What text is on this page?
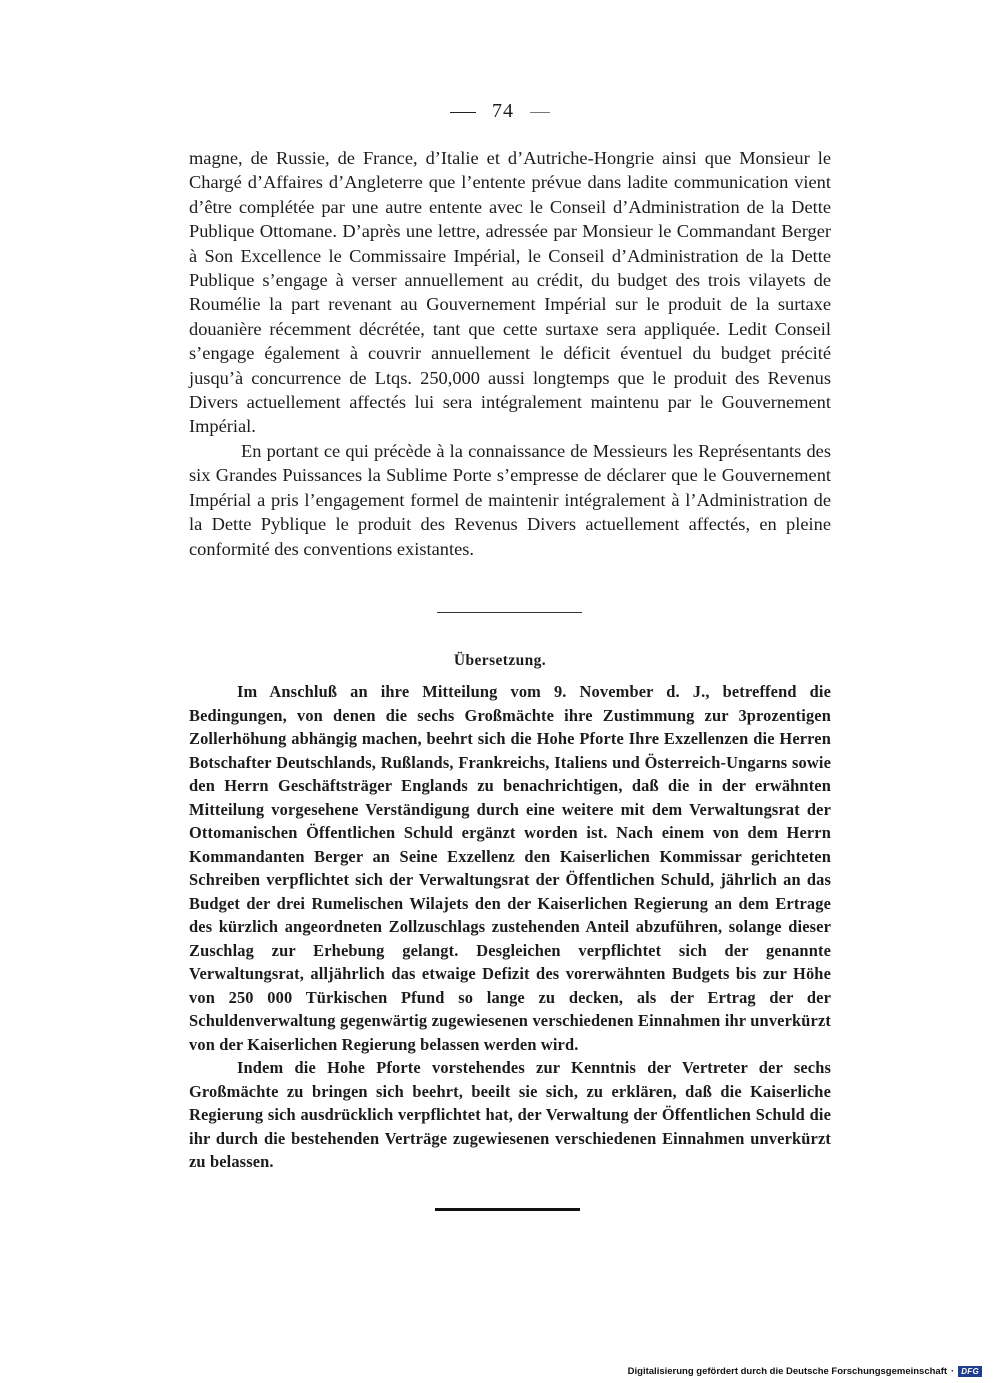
74

magne, de Russie, de France, d’Italie et d’Autriche-Hongrie ainsi que Monsieur le Chargé d’Affaires d’Angleterre que l’entente prévue dans ladite communication vient d’être complétée par une autre entente avec le Conseil d’Administration de la Dette Publique Ottomane. D’après une lettre, adressée par Monsieur le Commandant Berger à Son Excellence le Commissaire Impérial, le Conseil d’Administration de la Dette Publique s’engage à verser annuellement au crédit, du budget des trois vilayets de Roumélie la part revenant au Gouvernement Impérial sur le produit de la surtaxe douanière récemment décrétée, tant que cette surtaxe sera appliquée. Ledit Conseil s’engage également à couvrir annuellement le déficit éventuel du budget précité jusqu’à concurrence de Ltqs. 250,000 aussi longtemps que le produit des Revenus Divers actuellement affectés lui sera intégralement maintenu par le Gouvernement Impérial.

En portant ce qui précède à la connaissance de Messieurs les Représentants des six Grandes Puissances la Sublime Porte s’empresse de déclarer que le Gouvernement Impérial a pris l’engagement formel de maintenir intégralement à l’Administration de la Dette Pyblique le produit des Revenus Divers actuellement affectés, en pleine conformité des conventions existantes.

Übersetzung.

Im Anschluß an ihre Mitteilung vom 9. November d. J., betreffend die Bedingungen, von denen die sechs Großmächte ihre Zustimmung zur 3prozentigen Zollerhöhung abhängig machen, beehrt sich die Hohe Pforte Ihre Exzellenzen die Herren Botschafter Deutschlands, Rußlands, Frankreichs, Italiens und Österreich-Ungarns sowie den Herrn Geschäftsträger Englands zu benachrichtigen, daß die in der erwähnten Mitteilung vorgesehene Verständigung durch eine weitere mit dem Verwaltungsrat der Ottomanischen Öffentlichen Schuld ergänzt worden ist. Nach einem von dem Herrn Kommandanten Berger an Seine Exzellenz den Kaiserlichen Kommissar gerichteten Schreiben verpflichtet sich der Verwaltungsrat der Öffentlichen Schuld, jährlich an das Budget der drei Rumelischen Wilajets den der Kaiserlichen Regierung an dem Ertrage des kürzlich angeordneten Zollzuschlags zustehenden Anteil abzuführen, solange dieser Zuschlag zur Erhebung gelangt. Desgleichen verpflichtet sich der genannte Verwaltungsrat, alljährlich das etwaige Defizit des vorerwähnten Budgets bis zur Höhe von 250 000 Türkischen Pfund so lange zu decken, als der Ertrag der der Schuldenverwaltung gegenwärtig zugewiesenen verschiedenen Einnahmen ihr unverkürzt von der Kaiserlichen Regierung belassen werden wird.

Indem die Hohe Pforte vorstehendes zur Kenntnis der Vertreter der sechs Großmächte zu bringen sich beehrt, beeilt sie sich, zu erklären, daß die Kaiserliche Regierung sich ausdrücklich verpflichtet hat, der Verwaltung der Öffentlichen Schuld die ihr durch die bestehenden Verträge zugewiesenen verschiedenen Einnahmen unverkürzt zu belassen.

Digitalisierung gefördert durch die Deutsche Forschungsgemeinschaft · DFG
